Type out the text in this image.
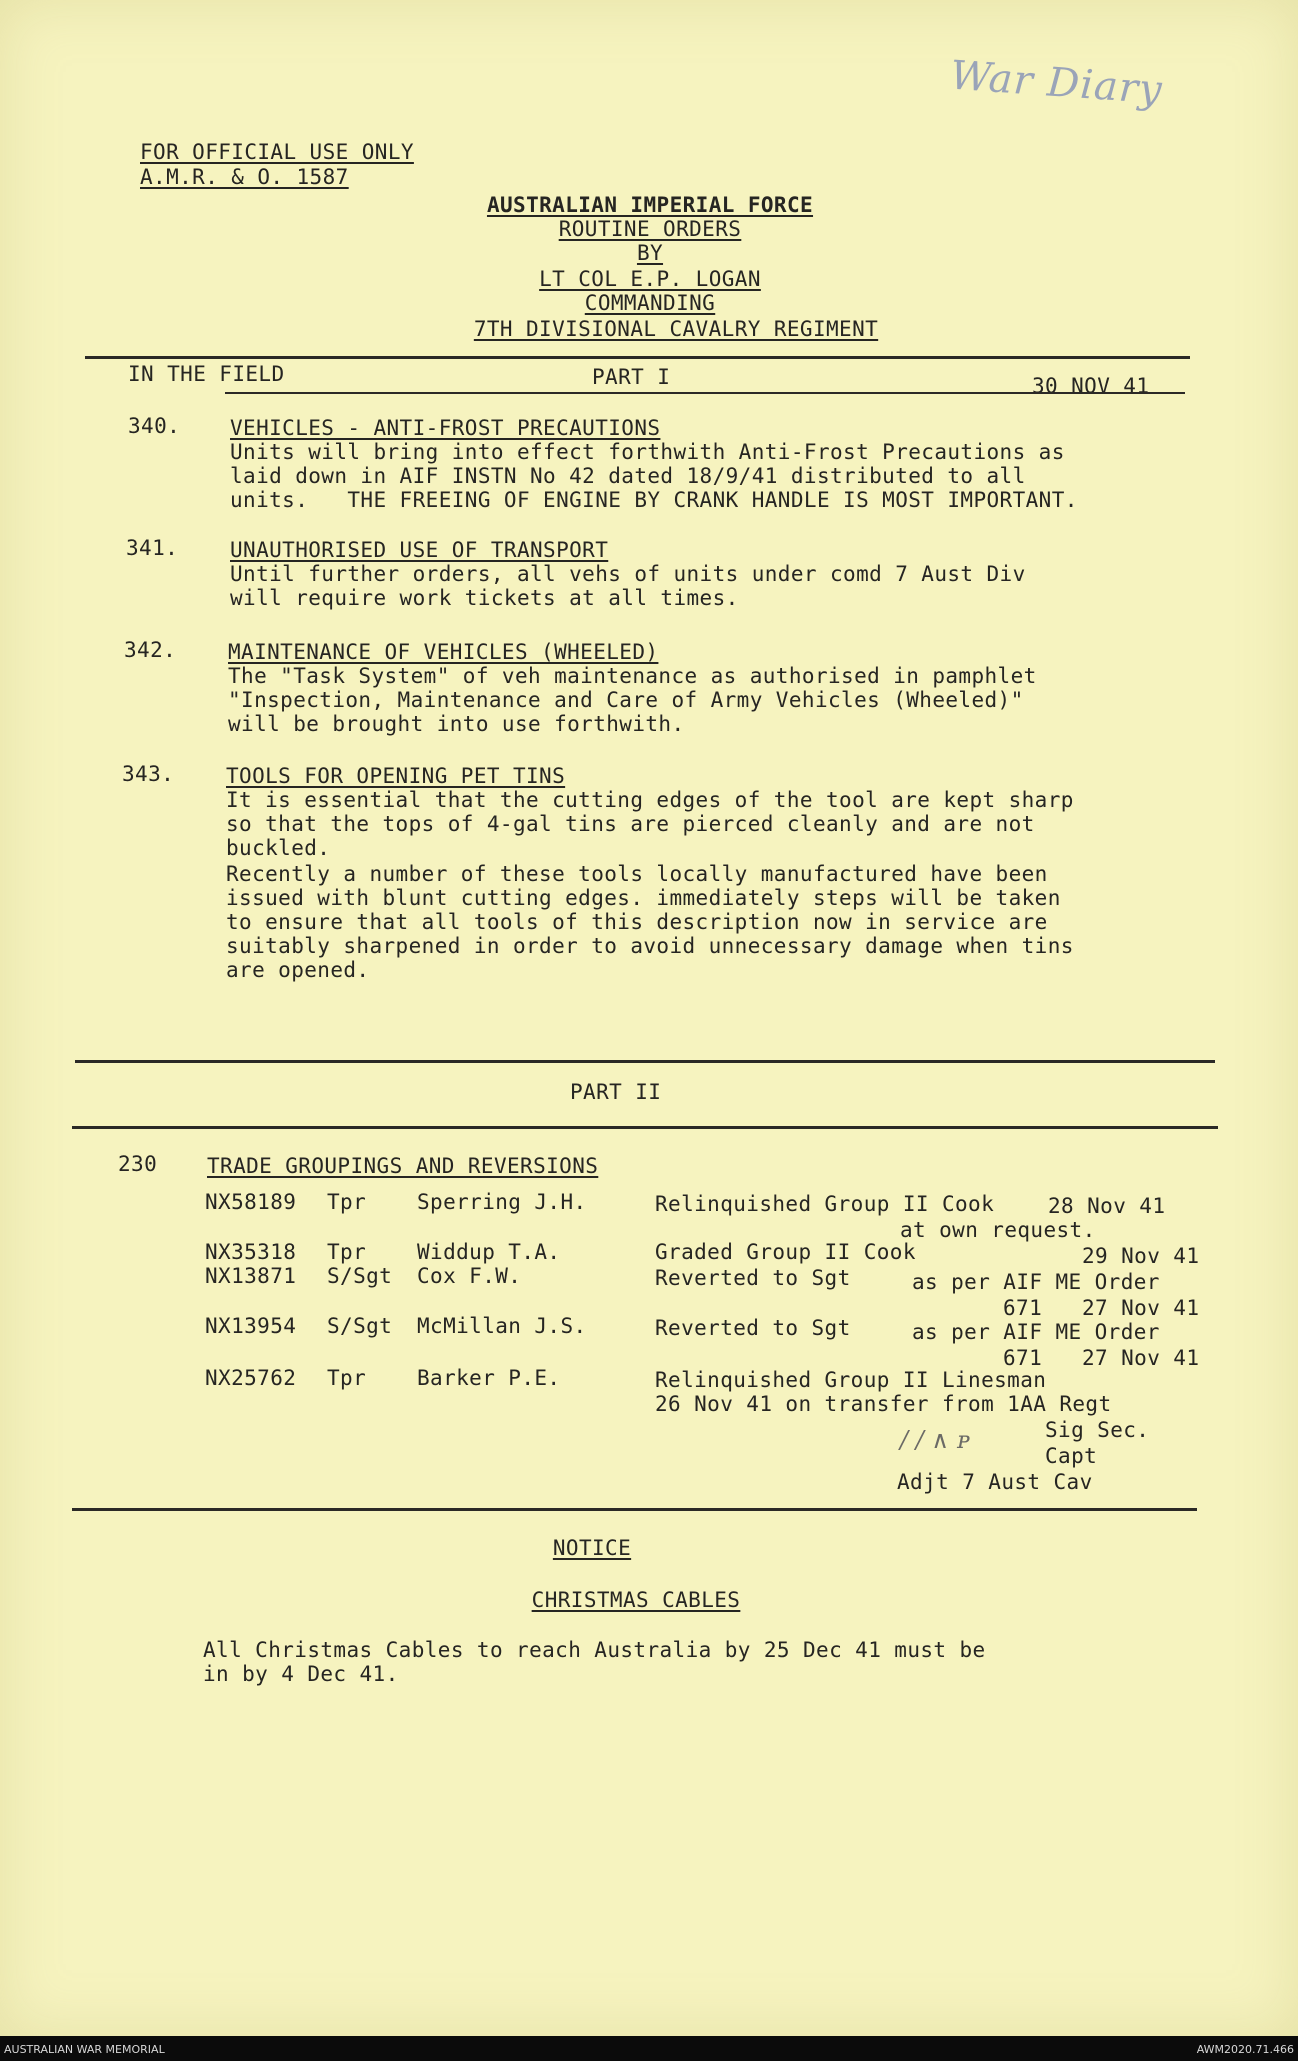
War Diary
FOR OFFICIAL USE ONLY
A.M.R. & O. 1587
AUSTRALIAN IMPERIAL FORCE
ROUTINE ORDERS
BY
LT COL E.P. LOGAN
COMMANDING
7TH DIVISIONAL CAVALRY REGIMENT
IN THE FIELD	PART I	30 NOV 41
340. VEHICLES - ANTI-FROST PRECAUTIONS
Units will bring into effect forthwith Anti-Frost Precautions as
laid down in AIF INSTN No 42 dated 18/9/41 distributed to all
units.   THE FREEING OF ENGINE BY CRANK HANDLE IS MOST IMPORTANT.
341. UNAUTHORISED USE OF TRANSPORT
Until further orders, all vehs of units under comd 7 Aust Div
will require work tickets at all times.
342. MAINTENANCE OF VEHICLES (WHEELED)
The "Task System" of veh maintenance as authorised in pamphlet
"Inspection, Maintenance and Care of Army Vehicles (Wheeled)"
will be brought into use forthwith.
343. TOOLS FOR OPENING PET TINS
It is essential that the cutting edges of the tool are kept sharp
so that the tops of 4-gal tins are pierced cleanly and are not
buckled.
Recently a number of these tools locally manufactured have been
issued with blunt cutting edges. immediately steps will be taken
to ensure that all tools of this description now in service are
suitably sharpened in order to avoid unnecessary damage when tins
are opened.
PART II
230 TRADE GROUPINGS AND REVERSIONS
NX58189 Tpr Sperring J.H.	Relinquished Group II Cook	28 Nov 41
at own request.
NX35318 Tpr Widdup T.A.	Graded Group II Cook	29 Nov 41
NX13871 S/Sgt Cox F.W.	Reverted to Sgt	as per AIF ME Order
671 27 Nov 41
NX13954 S/Sgt McMillan J.S.	Reverted to Sgt	as per AIF ME Order
671 27 Nov 41
NX25762 Tpr Barker P.E.	Relinquished Group II Linesman
26 Nov 41 on transfer from 1AA Regt
Sig Sec.
/ / ∧ ᴩ
Capt
Adjt 7 Aust Cav
NOTICE
CHRISTMAS CABLES
All Christmas Cables to reach Australia by 25 Dec 41 must be
in by 4 Dec 41.
AUSTRALIAN WAR MEMORIAL	AWM2020.71.466
